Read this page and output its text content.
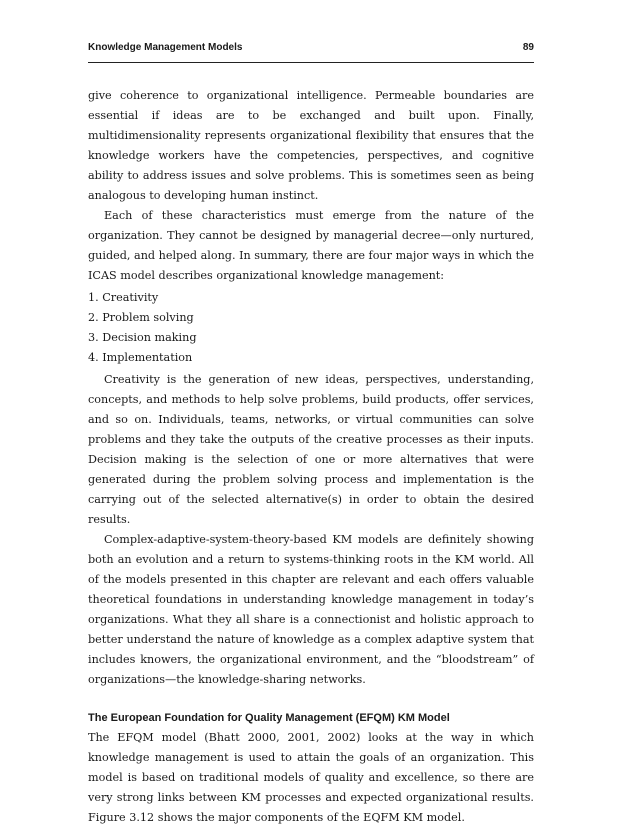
Knowledge Management Models	89

give coherence to organizational intelligence. Permeable boundaries are essential if ideas are to be exchanged and built upon. Finally, multidimensionality represents organizational flexibility that ensures that the knowledge workers have the competencies, perspectives, and cognitive ability to address issues and solve problems. This is sometimes seen as being analogous to developing human instinct.

Each of these characteristics must emerge from the nature of the organization. They cannot be designed by managerial decree—only nurtured, guided, and helped along. In summary, there are four major ways in which the ICAS model describes organizational knowledge management:

1. Creativity
2. Problem solving
3. Decision making
4. Implementation

Creativity is the generation of new ideas, perspectives, understanding, concepts, and methods to help solve problems, build products, offer services, and so on. Individuals, teams, networks, or virtual communities can solve problems and they take the outputs of the creative processes as their inputs. Decision making is the selection of one or more alternatives that were generated during the problem solving process and implementation is the carrying out of the selected alternative(s) in order to obtain the desired results.

Complex-adaptive-system-theory-based KM models are definitely showing both an evolution and a return to systems-thinking roots in the KM world. All of the models presented in this chapter are relevant and each offers valuable theoretical foundations in understanding knowledge management in today’s organizations. What they all share is a connectionist and holistic approach to better understand the nature of knowledge as a complex adaptive system that includes knowers, the organizational environment, and the “bloodstream” of organizations—the knowledge-sharing networks.

The European Foundation for Quality Management (EFQM) KM Model

The EFQM model (Bhatt 2000, 2001, 2002) looks at the way in which knowledge management is used to attain the goals of an organization. This model is based on traditional models of quality and excellence, so there are very strong links between KM processes and expected organizational results. Figure 3.12 shows the major components of the EQFM KM model.
